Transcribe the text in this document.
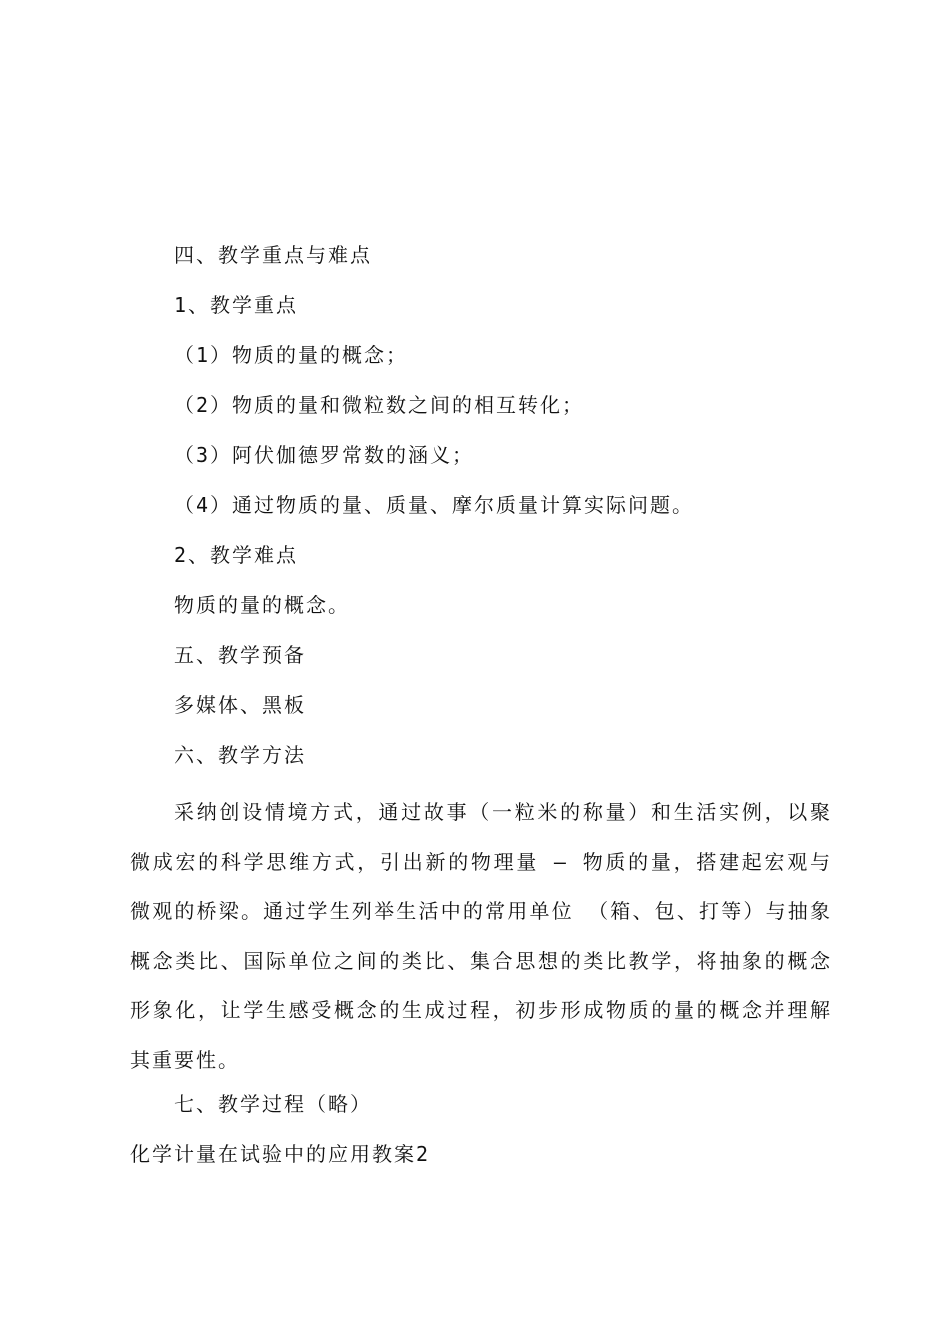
四、教学重点与难点
1、教学重点
（1）物质的量的概念；
（2）物质的量和微粒数之间的相互转化；
（3）阿伏伽德罗常数的涵义；
（4）通过物质的量、质量、摩尔质量计算实际问题。
2、教学难点
物质的量的概念。
五、教学预备
多媒体、黑板
六、教学方法
采纳创设情境方式，通过故事（一粒米的称量）和生活实例，以聚微成宏的科学思维方式，引出新的物理量 — 物质的量，搭建起宏观与微观的桥梁。通过学生列举生活中的常用单位 （箱、包、打等）与抽象概念类比、国际单位之间的类比、集合思想的类比教学，将抽象的概念形象化，让学生感受概念的生成过程，初步形成物质的量的概念并理解其重要性。
七、教学过程（略）
化学计量在试验中的应用教案2
